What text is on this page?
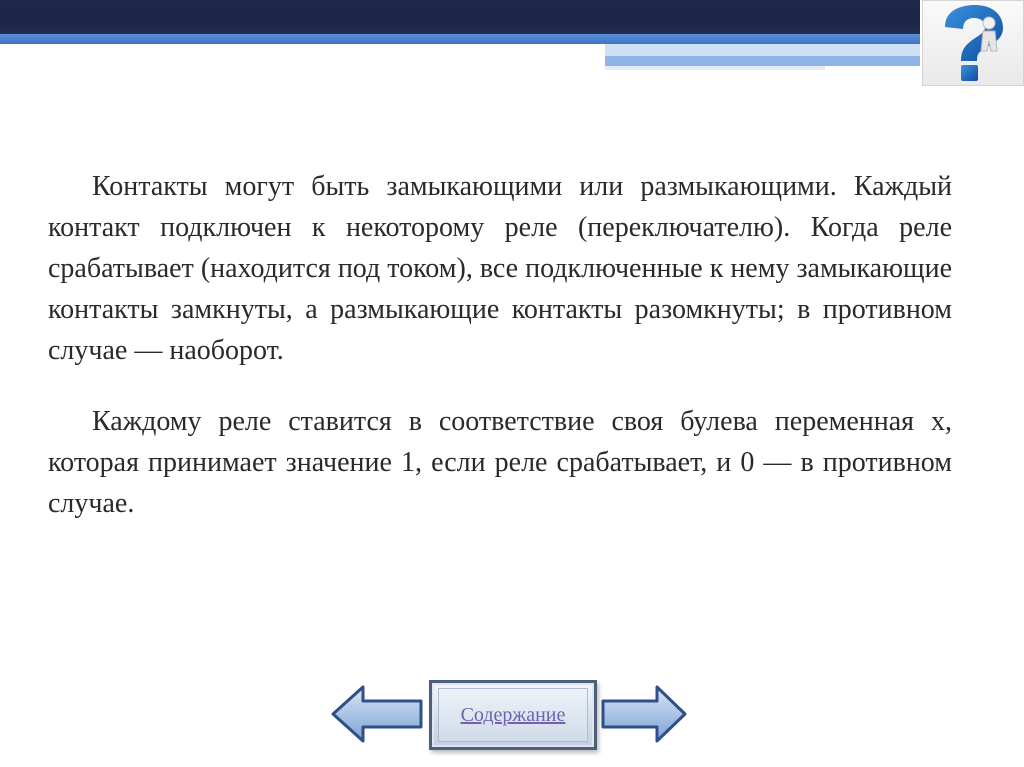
Контакты могут быть замыкающими или размыкающими. Каждый контакт подключен к некоторому реле (переключателю). Когда реле срабатывает (находится под током), все подключенные к нему замыкающие контакты замкнуты, а размыкающие контакты разомкнуты; в противном случае — наоборот.

Каждому реле ставится в соответствие своя булева переменная x, которая принимает значение 1, если реле срабатывает, и 0 — в противном случае.

Содержание
